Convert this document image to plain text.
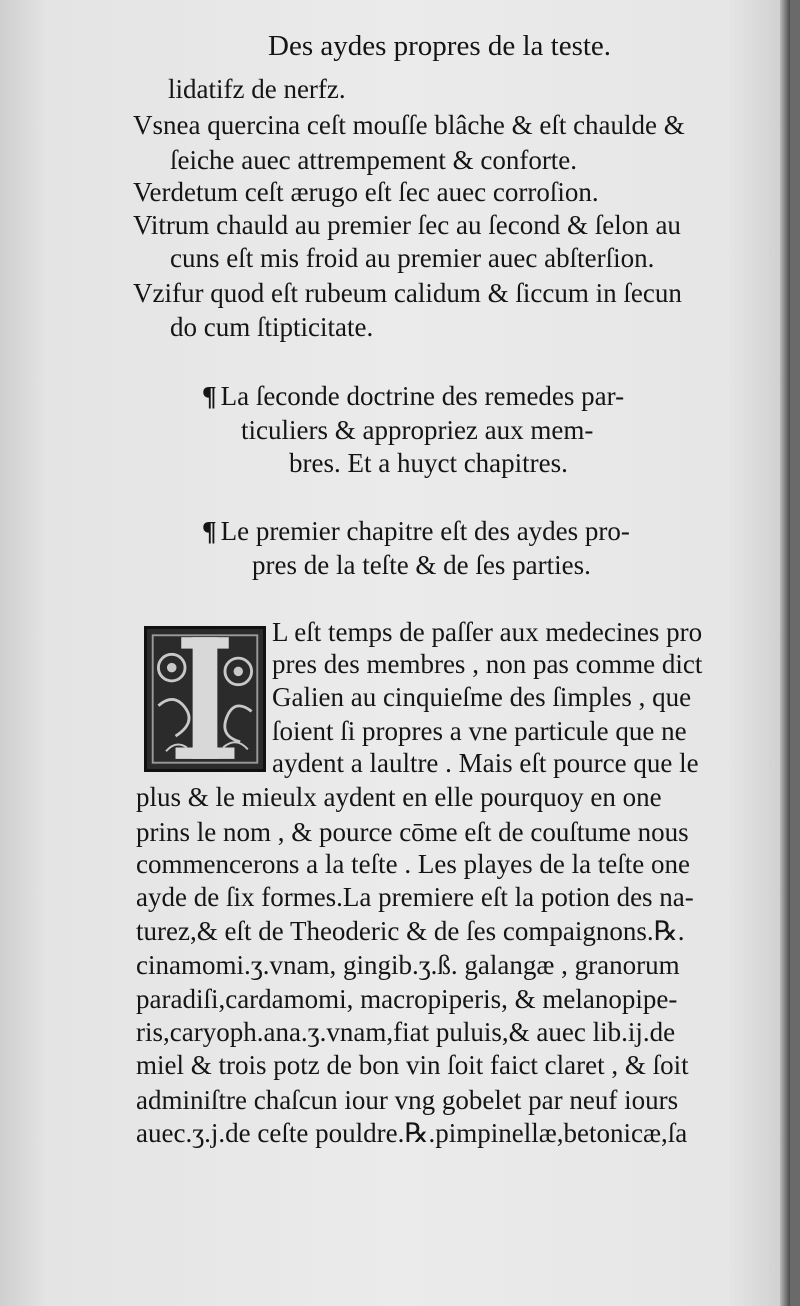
Des aydes propres de la teste.
lidatifz de nerfz.
Vsnea quercina ceſt mouſſe blâche & eſt chaulde &
ſeiche auec attrempement & conforte.
Verdetum ceſt ærugo eſt ſec auec corroſion.
Vitrum chauld au premier ſec au ſecond & ſelon au
cuns eſt mis froid au premier auec abſterſion.
Vzifur quod eſt rubeum calidum & ſiccum in ſecun
do cum ſtipticitate.
¶ La ſeconde doctrine des remedes par-
ticuliers & appropriez aux mem-
bres. Et a huyct chapitres.
¶ Le premier chapitre eſt des aydes pro-
pres de la teſte & de ſes parties.
L eſt temps de paſſer aux medecines pro
pres des membres , non pas comme dict
Galien au cinquieſme des ſimples , que
ſoient ſi propres a vne particule que ne
aydent a laultre . Mais eſt pource que le
plus & le mieulx aydent en elle pourquoy en one
prins le nom , & pource cōme eſt de couſtume nous
commencerons a la teſte . Les playes de la teſte one
ayde de ſix formes.La premiere eſt la potion des na-
turez,& eſt de Theoderic & de ſes compaignons.℞.
cinamomi.ʒ.vnam, gingib.ʒ.ß. galangæ , granorum
paradiſi,cardamomi, macropiperis, & melanopipe-
ris,caryoph.ana.ʒ.vnam,fiat puluis,& auec lib.ij.de
miel & trois potz de bon vin ſoit faict claret , & ſoit
adminiſtre chaſcun iour vng gobelet par neuf iours
auec.ʒ.j.de ceſte pouldre.℞.pimpinellæ,betonicæ,ſa
